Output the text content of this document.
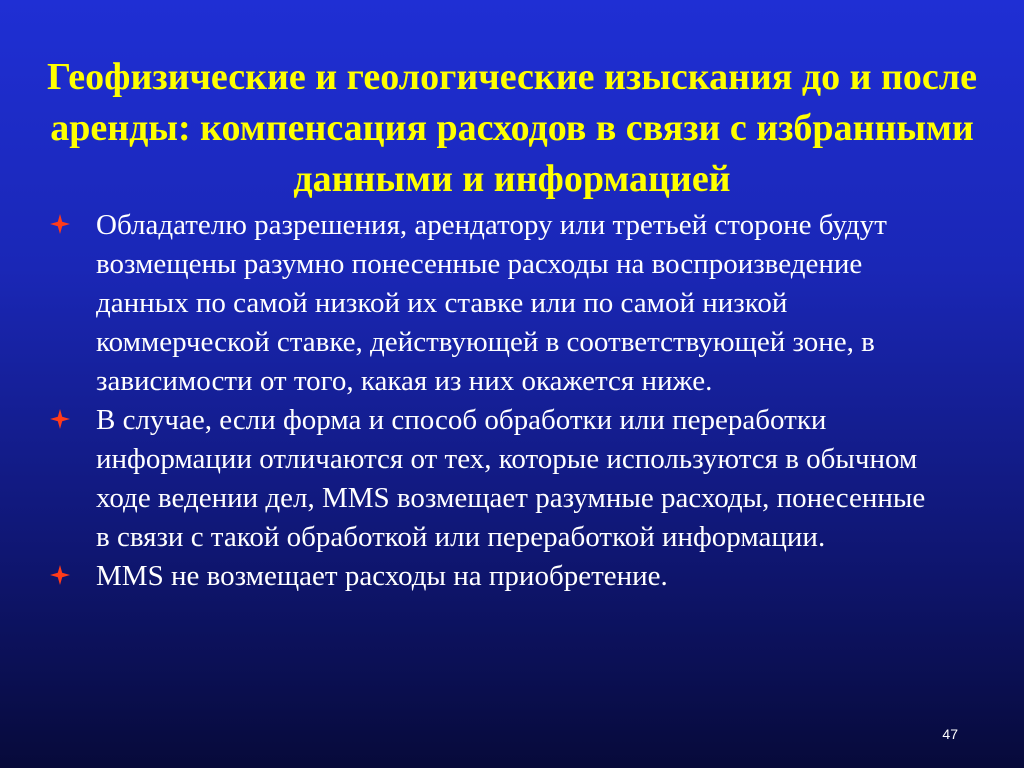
Геофизические и геологические изыскания до и после аренды: компенсация расходов в связи с избранными данными и информацией
Обладателю разрешения, арендатору или третьей стороне будут возмещены разумно понесенные расходы на воспроизведение данных по самой низкой их ставке или по самой низкой коммерческой ставке, действующей в соответствующей зоне, в зависимости от того, какая из них окажется ниже.
В случае, если форма и способ обработки или переработки информации отличаются от тех, которые используются в обычном ходе ведении дел, MMS возмещает разумные расходы, понесенные в связи с такой обработкой или переработкой информации.
MMS не возмещает расходы на приобретение.
47
